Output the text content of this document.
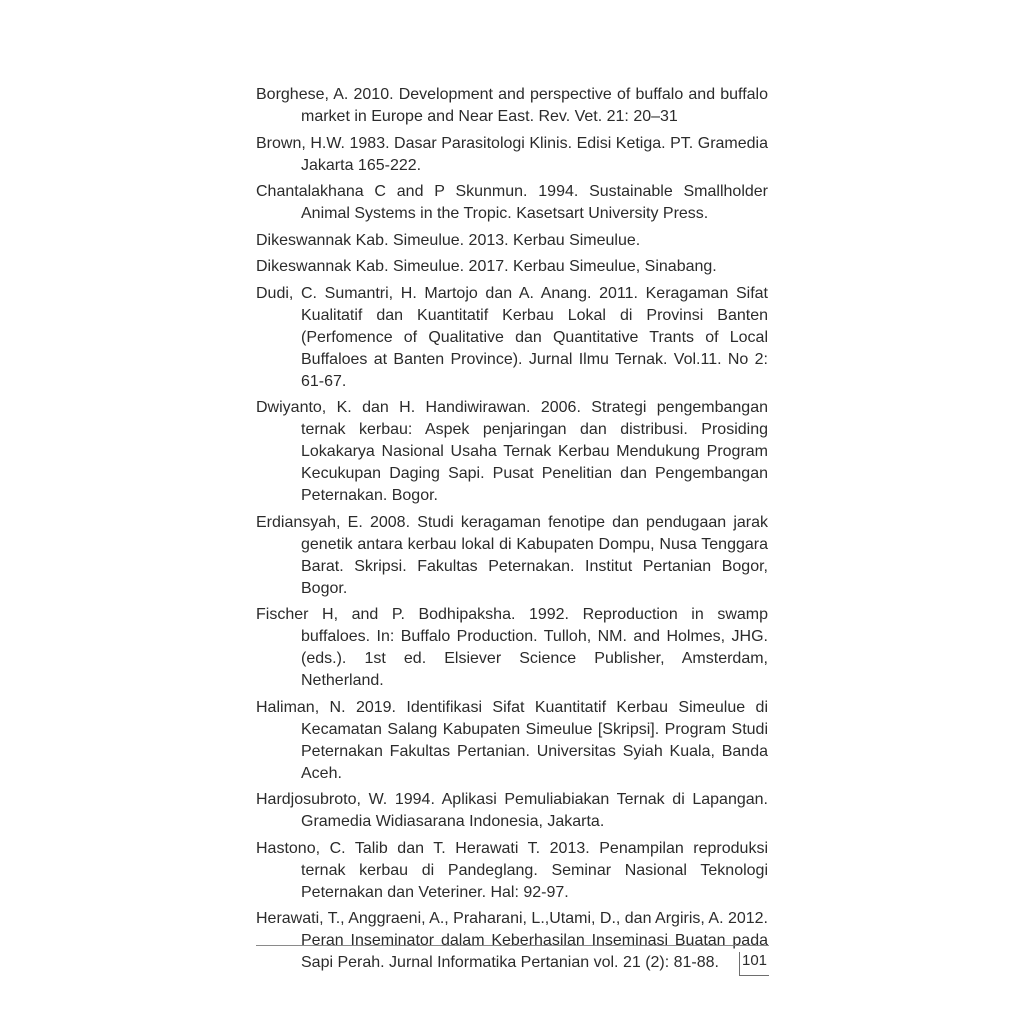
Borghese, A. 2010. Development and perspective of buffalo and buffalo market in Europe and Near East. Rev. Vet. 21: 20–31

Brown, H.W. 1983. Dasar Parasitologi Klinis. Edisi Ketiga. PT. Gramedia Jakarta 165-222.

Chantalakhana C and P Skunmun. 1994. Sustainable Smallholder Animal Systems in the Tropic. Kasetsart University Press.

Dikeswannak Kab. Simeulue. 2013. Kerbau Simeulue.

Dikeswannak Kab. Simeulue. 2017. Kerbau Simeulue, Sinabang.

Dudi, C. Sumantri, H. Martojo dan A. Anang. 2011. Keragaman Sifat Kualitatif dan Kuantitatif Kerbau Lokal di Provinsi Banten (Perfomence of Qualitative dan Quantitative Trants of Local Buffaloes at Banten Province). Jurnal Ilmu Ternak. Vol.11. No 2: 61-67.

Dwiyanto, K. dan H. Handiwirawan. 2006. Strategi pengembangan ternak kerbau: Aspek penjaringan dan distribusi. Prosiding Lokakarya Nasional Usaha Ternak Kerbau Mendukung Program Kecukupan Daging Sapi. Pusat Penelitian dan Pengembangan Peternakan. Bogor.

Erdiansyah, E. 2008. Studi keragaman fenotipe dan pendugaan jarak genetik antara kerbau lokal di Kabupaten Dompu, Nusa Tenggara Barat. Skripsi. Fakultas Peternakan. Institut Pertanian Bogor, Bogor.

Fischer H, and P. Bodhipaksha. 1992. Reproduction in swamp buffaloes. In: Buffalo Production. Tulloh, NM. and Holmes, JHG.(eds.). 1st ed. Elsiever Science Publisher, Amsterdam, Netherland.

Haliman, N. 2019. Identifikasi Sifat Kuantitatif Kerbau Simeulue di Kecamatan Salang Kabupaten Simeulue [Skripsi]. Program Studi Peternakan Fakultas Pertanian. Universitas Syiah Kuala, Banda Aceh.

Hardjosubroto, W. 1994. Aplikasi Pemuliabiakan Ternak di Lapangan. Gramedia Widiasarana Indonesia, Jakarta.

Hastono, C. Talib dan T. Herawati T. 2013. Penampilan reproduksi ternak kerbau di Pandeglang. Seminar Nasional Teknologi Peternakan dan Veteriner. Hal: 92-97.

Herawati, T., Anggraeni, A., Praharani, L.,Utami, D., dan Argiris, A. 2012. Peran Inseminator dalam Keberhasilan Inseminasi Buatan pada Sapi Perah. Jurnal Informatika Pertanian vol. 21 (2): 81-88.	101
